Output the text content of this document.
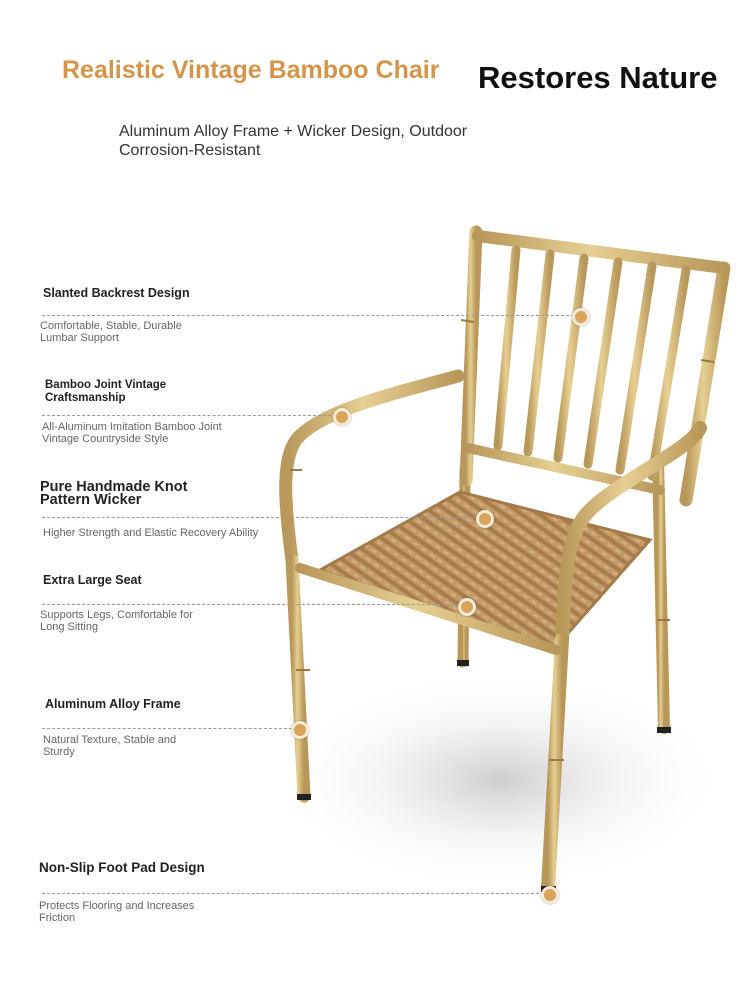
Realistic Vintage Bamboo Chair Restores Nature
Aluminum Alloy Frame + Wicker Design, Outdoor Corrosion-Resistant
Slanted Backrest Design
Comfortable, Stable, Durable Lumbar Support
Bamboo Joint Vintage Craftsmanship
All-Aluminum Imitation Bamboo Joint Vintage Countryside Style
Pure Handmade Knot Pattern Wicker
Higher Strength and Elastic Recovery Ability
Extra Large Seat
Supports Legs, Comfortable for Long Sitting
Aluminum Alloy Frame
Natural Texture, Stable and Sturdy
Non-Slip Foot Pad Design
Protects Flooring and Increases Friction
